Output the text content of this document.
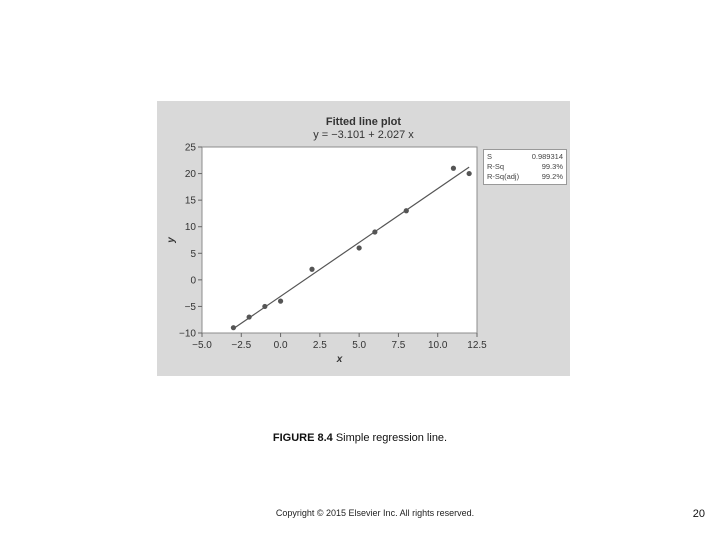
−5.0 −2.5 0.0	2.5	5.0	7.5 10.0 12.5
−10
−5
0
5
10
15
20
25
x
y
Fitted line plot
y = −3.101 + 2.027 x
S	0.989314
R-Sq	99.3%
R-Sq(adj)	99.2%
FIGURE 8.4 Simple regression line.
Copyright © 2015 Elsevier Inc. All rights reserved.	20
